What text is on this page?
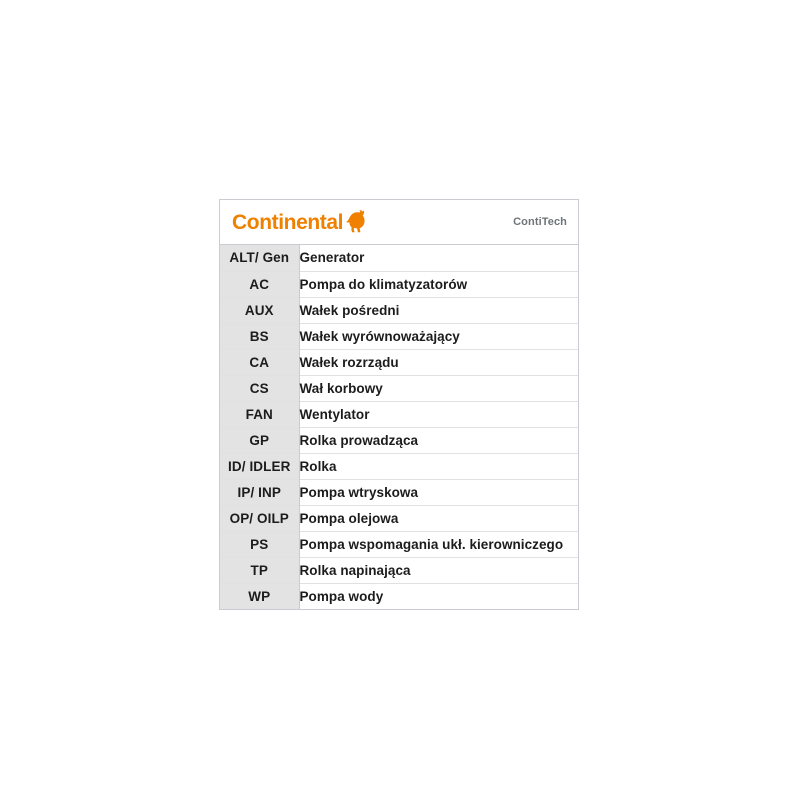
Continental	ContiTech
ALT/ Gen	Generator
AC	Pompa do klimatyzatorów
AUX	Wałek pośredni
BS	Wałek wyrównoważający
CA	Wałek rozrządu
CS	Wał korbowy
FAN	Wentylator
GP	Rolka prowadząca
ID/ IDLER	Rolka
IP/ INP	Pompa wtryskowa
OP/ OILP	Pompa olejowa
PS	Pompa wspomagania ukł. kierowniczego
TP	Rolka napinająca
WP	Pompa wody
